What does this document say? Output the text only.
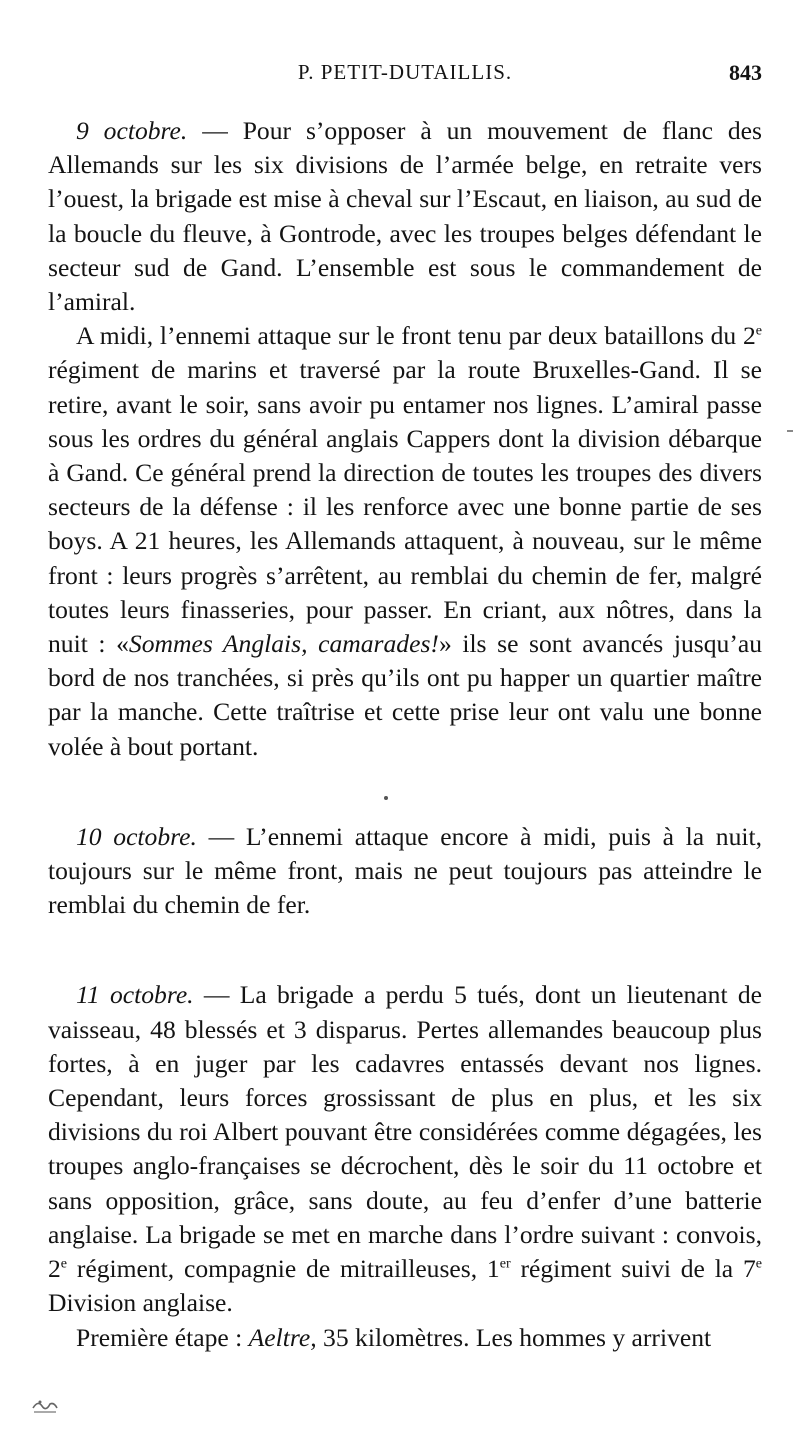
P. PETIT-DUTAILLIS.	843

9 octobre. — Pour s’opposer à un mouvement de flanc des Allemands sur les six divisions de l’armée belge, en retraite vers l’ouest, la brigade est mise à cheval sur l’Escaut, en liaison, au sud de la boucle du fleuve, à Gontrode, avec les troupes belges défendant le secteur sud de Gand. L’ensemble est sous le commandement de l’amiral.

A midi, l’ennemi attaque sur le front tenu par deux bataillons du 2e régiment de marins et traversé par la route Bruxelles-Gand. Il se retire, avant le soir, sans avoir pu entamer nos lignes. L’amiral passe sous les ordres du général anglais Cappers dont la division débarque à Gand. Ce général prend la direction de toutes les troupes des divers secteurs de la défense : il les renforce avec une bonne partie de ses boys. A 21 heures, les Allemands attaquent, à nouveau, sur le même front : leurs progrès s’arrêtent, au remblai du chemin de fer, malgré toutes leurs finasseries, pour passer. En criant, aux nôtres, dans la nuit : «Sommes Anglais, camarades!» ils se sont avancés jusqu’au bord de nos tranchées, si près qu’ils ont pu happer un quartier maître par la manche. Cette traîtrise et cette prise leur ont valu une bonne volée à bout portant.

10 octobre. — L’ennemi attaque encore à midi, puis à la nuit, toujours sur le même front, mais ne peut toujours pas atteindre le remblai du chemin de fer.

11 octobre. — La brigade a perdu 5 tués, dont un lieutenant de vaisseau, 48 blessés et 3 disparus. Pertes allemandes beaucoup plus fortes, à en juger par les cadavres entassés devant nos lignes. Cependant, leurs forces grossissant de plus en plus, et les six divisions du roi Albert pouvant être considérées comme dégagées, les troupes anglo-françaises se décrochent, dès le soir du 11 octobre et sans opposition, grâce, sans doute, au feu d’enfer d’une batterie anglaise. La brigade se met en marche dans l’ordre suivant : convois, 2e régiment, compagnie de mitrailleuses, 1er régiment suivi de la 7e Division anglaise.

Première étape : Aeltre, 35 kilomètres. Les hommes y arrivent
